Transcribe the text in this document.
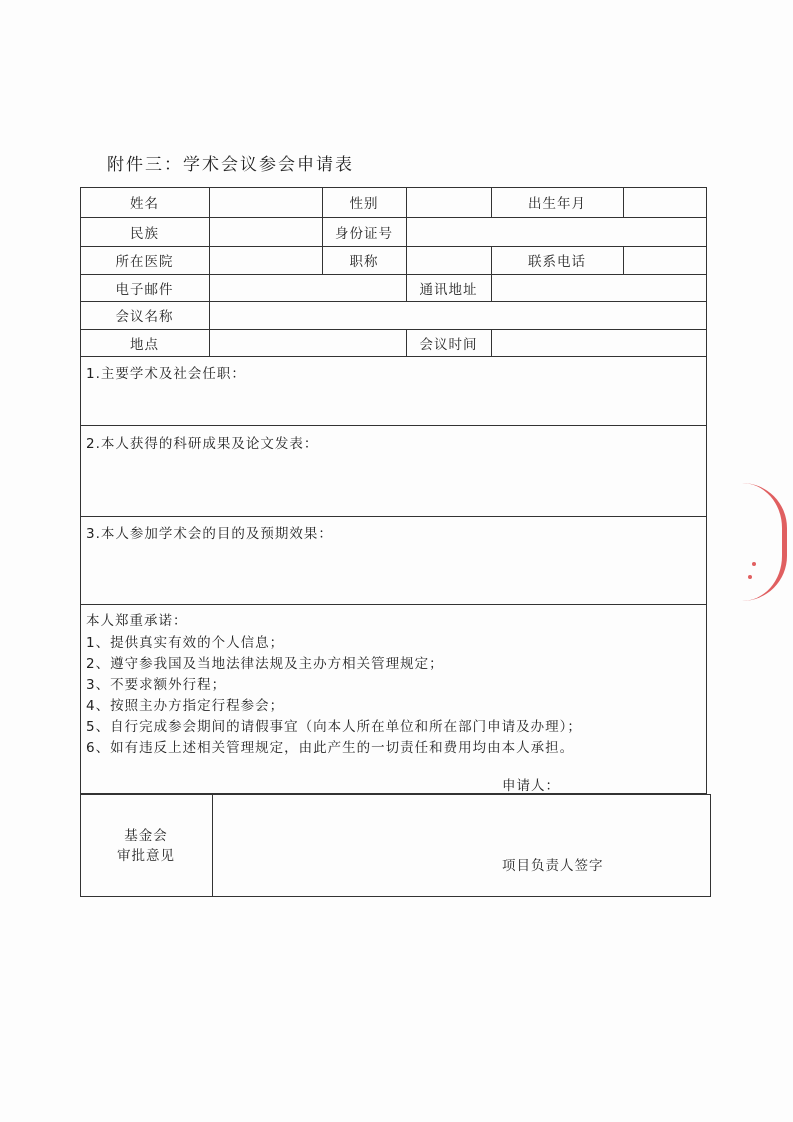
附件三：学术会议参会申请表
姓名	性别	出生年月
民族	身份证号
所在医院	职称	联系电话
电子邮件	通讯地址
会议名称
地点	会议时间
1.主要学术及社会任职：
2.本人获得的科研成果及论文发表：
3.本人参加学术会的目的及预期效果：
本人郑重承诺：
1、提供真实有效的个人信息；
2、遵守参我国及当地法律法规及主办方相关管理规定；
3、不要求额外行程；
4、按照主办方指定行程参会；
5、自行完成参会期间的请假事宜（向本人所在单位和所在部门申请及办理）；
6、如有违反上述相关管理规定，由此产生的一切责任和费用均由本人承担。
申请人：
基金会
审批意见
项目负责人签字
